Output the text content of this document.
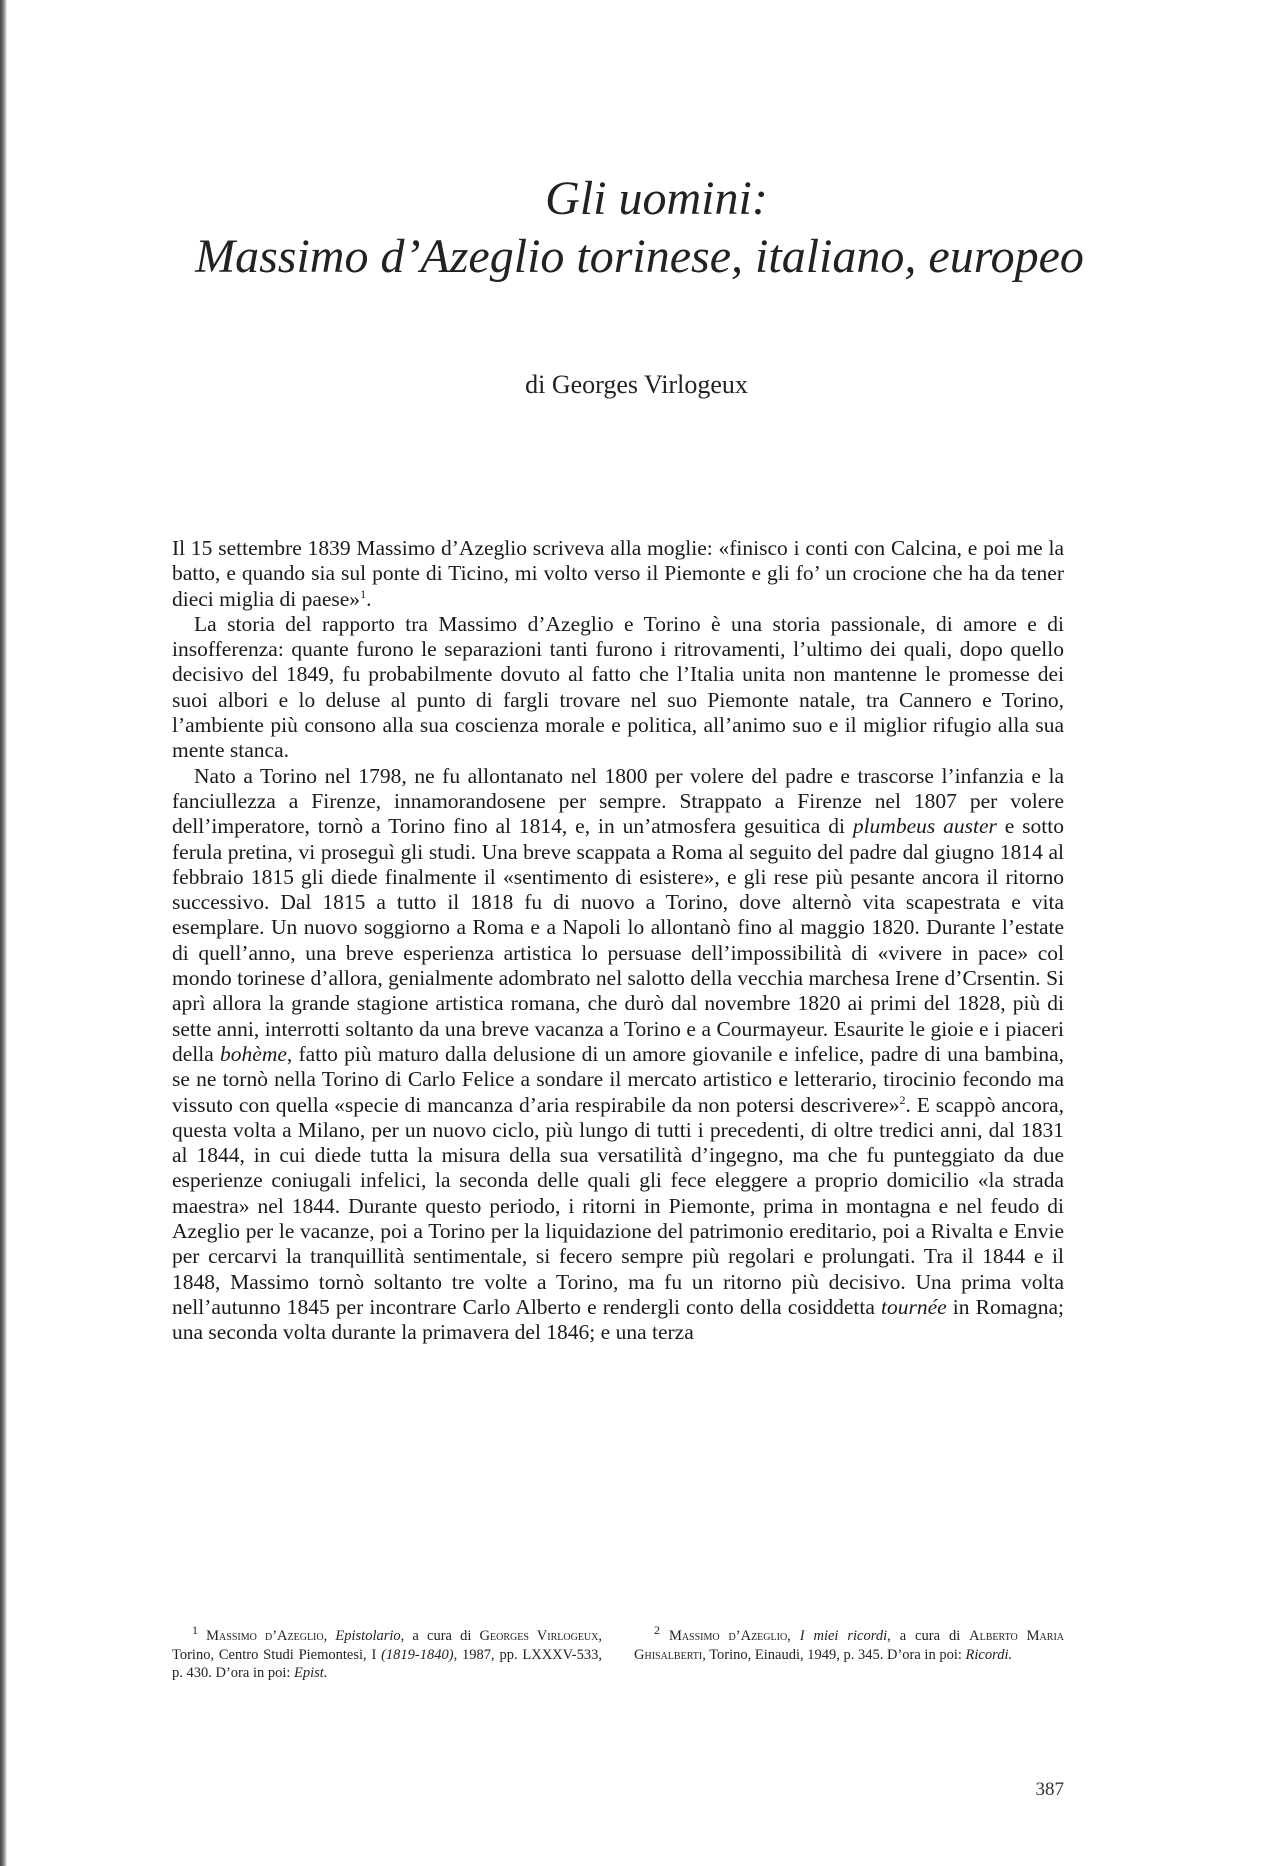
Gli uomini:
Massimo d’Azeglio torinese, italiano, europeo
di Georges Virlogeux

Il 15 settembre 1839 Massimo d’Azeglio scriveva alla moglie: «finisco i conti con Calcina, e poi me la batto, e quando sia sul ponte di Ticino, mi volto verso il Piemonte e gli fo’ un crocione che ha da tener dieci miglia di paese»$^1$.

La storia del rapporto tra Massimo d’Azeglio e Torino è una storia passionale, di amore e di insofferenza: quante furono le separazioni tanti furono i ritrovamenti, l’ultimo dei quali, dopo quello decisivo del 1849, fu probabilmente dovuto al fatto che l’Italia unita non mantenne le promesse dei suoi albori e lo deluse al punto di fargli trovare nel suo Piemonte natale, tra Cannero e Torino, l’ambiente più consono alla sua coscienza morale e politica, all’animo suo e il miglior rifugio alla sua mente stanca.

Nato a Torino nel 1798, ne fu allontanato nel 1800 per volere del padre e trascorse l’infanzia e la fanciullezza a Firenze, innamorandosene per sempre. Strappato a Firenze nel 1807 per volere dell’imperatore, tornò a Torino fino al 1814, e, in un’atmosfera gesuitica di plumbeus auster e sotto ferula pretina, vi proseguì gli studi. Una breve scappata a Roma al seguito del padre dal giugno 1814 al febbraio 1815 gli diede finalmente il «sentimento di esistere», e gli rese più pesante ancora il ritorno successivo. Dal 1815 a tutto il 1818 fu di nuovo a Torino, dove alternò vita scapestrata e vita esemplare. Un nuovo soggiorno a Roma e a Napoli lo allontanò fino al maggio 1820. Durante l’estate di quell’anno, una breve esperienza artistica lo persuase dell’impossibilità di «vivere in pace» col mondo torinese d’allora, genialmente adombrato nel salotto della vecchia marchesa Irene d’Crsentin. Si aprì allora la grande stagione artistica romana, che durò dal novembre 1820 ai primi del 1828, più di sette anni, interrotti soltanto da una breve vacanza a Torino e a Courmayeur. Esaurite le gioie e i piaceri della bohème, fatto più maturo dalla delusione di un amore giovanile e infelice, padre di una bambina, se ne tornò nella Torino di Carlo Felice a sondare il mercato artistico e letterario, tirocinio fecondo ma vissuto con quella «specie di mancanza d’aria respirabile da non potersi descrivere»$^2$. E scappò ancora, questa volta a Milano, per un nuovo ciclo, più lungo di tutti i precedenti, di oltre tredici anni, dal 1831 al 1844, in cui diede tutta la misura della sua versatilità d’ingegno, ma che fu punteggiato da due esperienze coniugali infelici, la seconda delle quali gli fece eleggere a proprio domicilio «la strada maestra» nel 1844. Durante questo periodo, i ritorni in Piemonte, prima in montagna e nel feudo di Azeglio per le vacanze, poi a Torino per la liquidazione del patrimonio ereditario, poi a Rivalta e Envie per cercarvi la tranquillità sentimentale, si fecero sempre più regolari e prolungati. Tra il 1844 e il 1848, Massimo tornò soltanto tre volte a Torino, ma fu un ritorno più decisivo. Una prima volta nell’autunno 1845 per incontrare Carlo Alberto e rendergli conto della cosiddetta tournée in Romagna; una seconda volta durante la primavera del 1846; e una terza

$^1$ Massimo d’Azeglio, Epistolario, a cura di Georges Virlogeux, Torino, Centro Studi Piemontesi, I (1819-1840), 1987, pp. LXXXV-533, p. 430. D’ora in poi: Epist.
$^2$ Massimo d’Azeglio, I miei ricordi, a cura di Alberto Maria Ghisalberti, Torino, Einaudi, 1949, p. 345. D’ora in poi: Ricordi.
387
